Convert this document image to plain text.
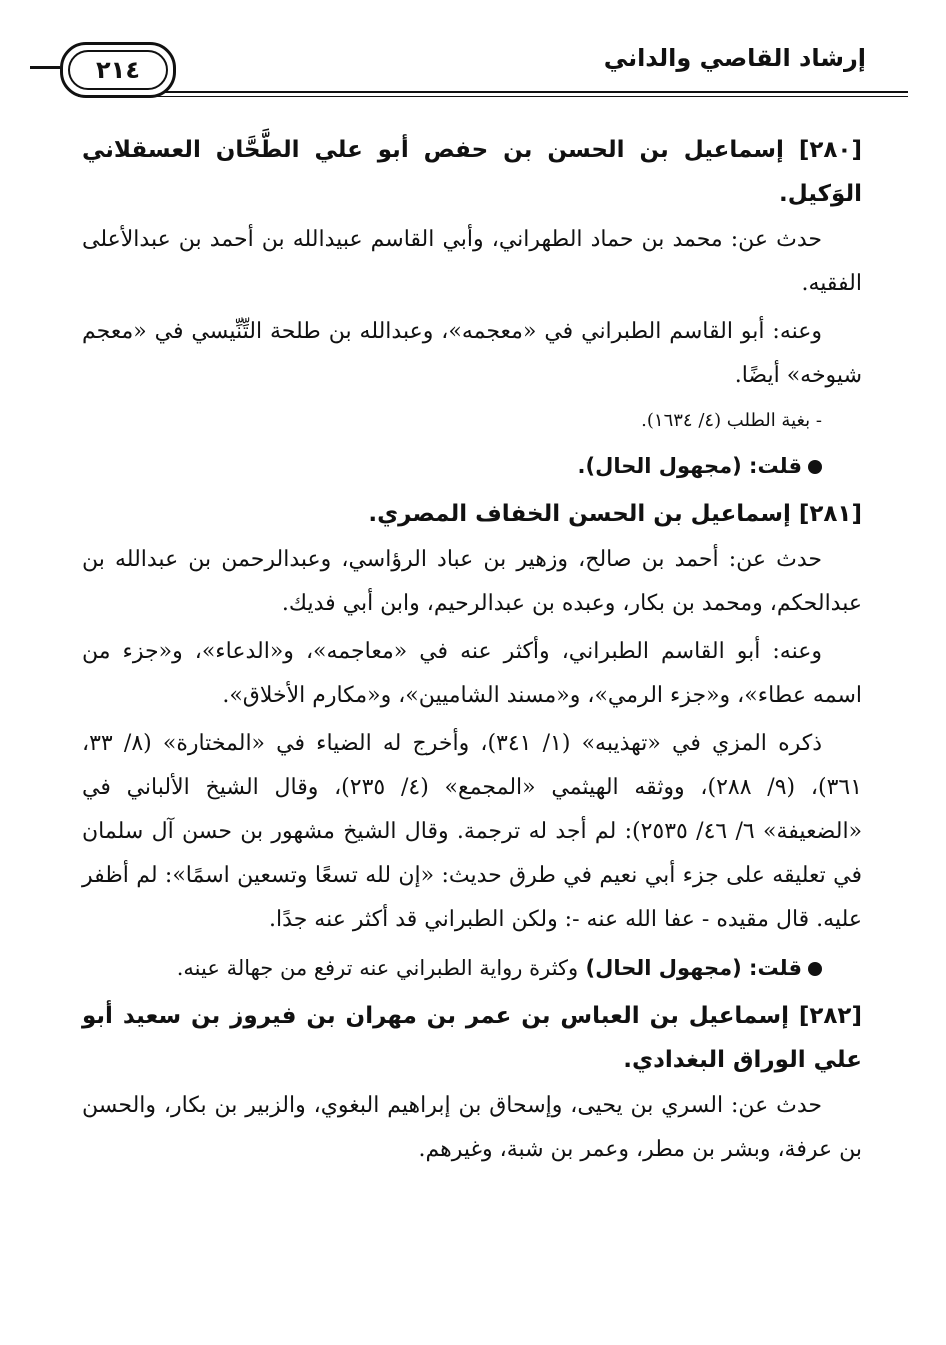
إرشاد القاصي والداني
٢١٤
[٢٨٠] إسماعيل بن الحسن بن حفص أبو علي الطَّحَّان العسقلاني الوَكيل.

حدث عن: محمد بن حماد الطهراني، وأبي القاسم عبيدالله بن أحمد بن عبدالأعلى الفقيه.

وعنه: أبو القاسم الطبراني في «معجمه»، وعبدالله بن طلحة التِّنِّيسي في «معجم شيوخه» أيضًا.

- بغية الطلب (٤/ ١٦٣٤).

قلت: (مجهول الحال).

[٢٨١] إسماعيل بن الحسن الخفاف المصري.

حدث عن: أحمد بن صالح، وزهير بن عباد الرؤاسي، وعبدالرحمن بن عبدالله بن عبدالحكم، ومحمد بن بكار، وعبده بن عبدالرحيم، وابن أبي فديك.

وعنه: أبو القاسم الطبراني، وأكثر عنه في «معاجمه»، و«الدعاء»، و«جزء من اسمه عطاء»، و«جزء الرمي»، و«مسند الشاميين»، و«مكارم الأخلاق».

ذكره المزي في «تهذيبه» (١/ ٣٤١)، وأخرج له الضياء في «المختارة» (٨/ ٣٣، ٣٦١)، (٩/ ٢٨٨)، ووثقه الهيثمي «المجمع» (٤/ ٢٣٥)، وقال الشيخ الألباني في «الضعيفة» ٦/ ٤٦/ ٢٥٣٥): لم أجد له ترجمة. وقال الشيخ مشهور بن حسن آل سلمان في تعليقه على جزء أبي نعيم في طرق حديث: «إن لله تسعًا وتسعين اسمًا»: لم أظفر عليه. قال مقيده - عفا الله عنه -: ولكن الطبراني قد أكثر عنه جدًا.

قلت: (مجهول الحال) وكثرة رواية الطبراني عنه ترفع من جهالة عينه.

[٢٨٢] إسماعيل بن العباس بن عمر بن مهران بن فيروز بن سعيد أبو علي الوراق البغدادي.

حدث عن: السري بن يحيى، وإسحاق بن إبراهيم البغوي، والزبير بن بكار، والحسن بن عرفة، وبشر بن مطر، وعمر بن شبة، وغيرهم.
